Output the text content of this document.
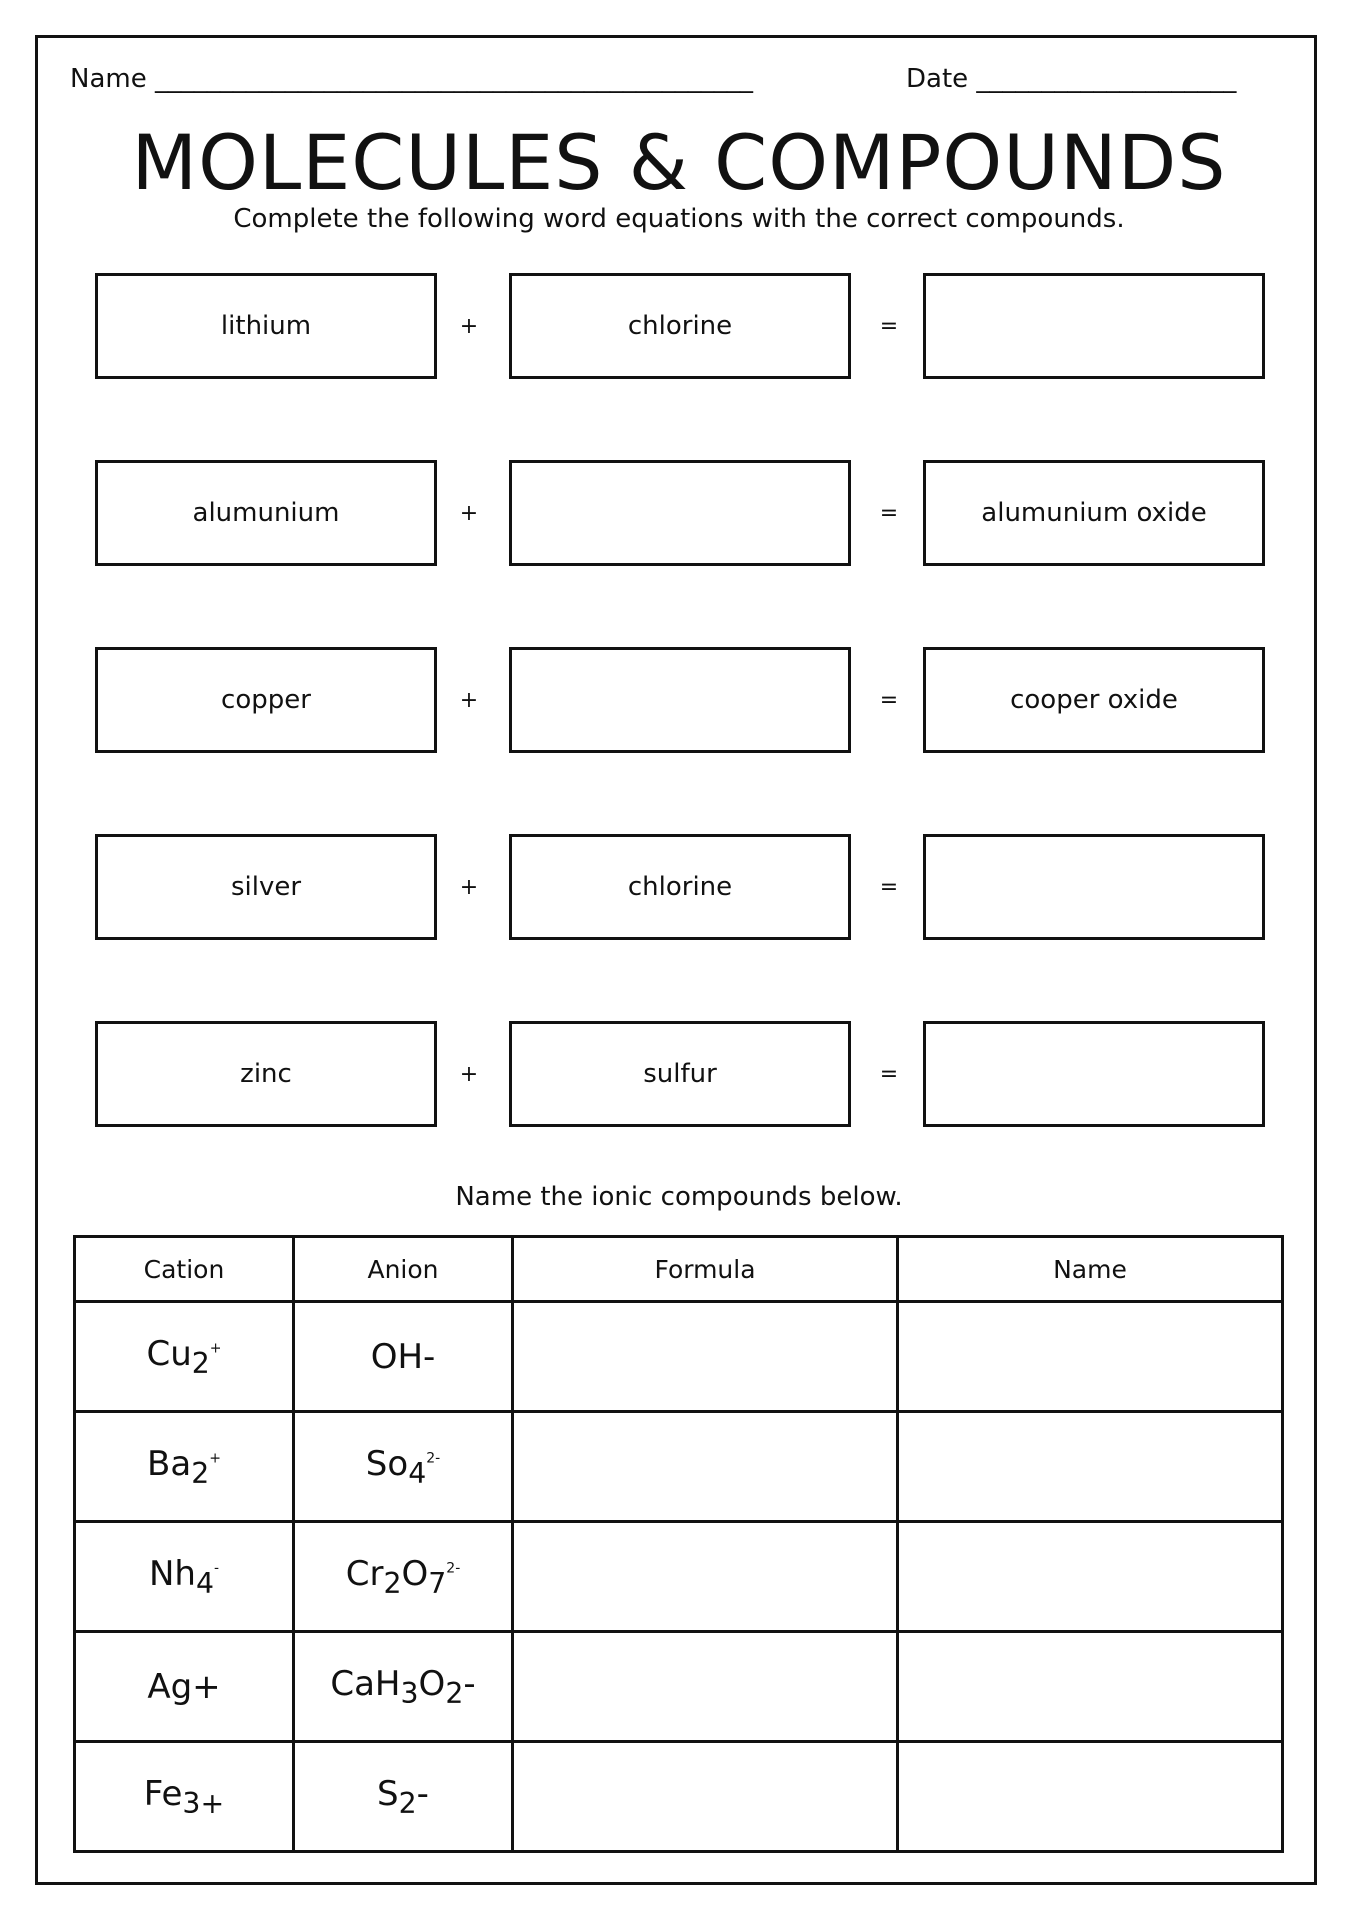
Name ______________________________________________	Date ____________________
MOLECULES & COMPOUNDS
Complete the following word equations with the correct compounds.
lithium	+	chlorine	=
alumunium	+	=	alumunium oxide
copper	+	=	cooper oxide
silver	+	chlorine	=
zinc	+	sulfur	=
Name the ionic compounds below.
Cation	Anion	Formula	Name
$Cu_2^+$	OH-		
$Ba_2^+$	$So_4^{2-}$		
$Nh_4^-$	$Cr_2O_7^{2-}$		
Ag+	$CaH_3O_2-$		
$Fe_{3+}$	$S_2-$		
